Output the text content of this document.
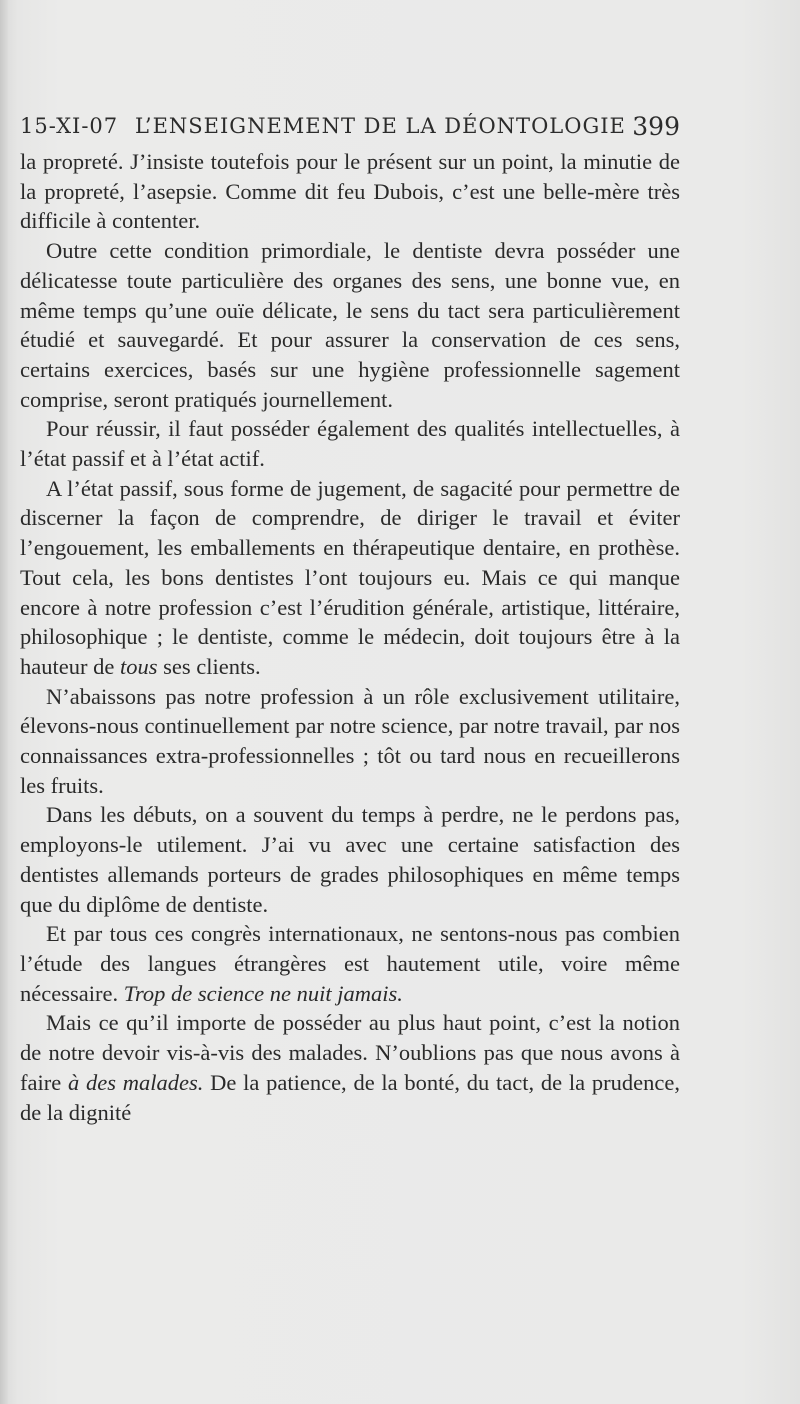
15-XI-07 L’ENSEIGNEMENT DE LA DÉONTOLOGIE 399

la propreté. J’insiste toutefois pour le présent sur un point, la minutie de la propreté, l’asepsie. Comme dit feu Dubois, c’est une belle-mère très difficile à contenter.

Outre cette condition primordiale, le dentiste devra posséder une délicatesse toute particulière des organes des sens, une bonne vue, en même temps qu’une ouïe délicate, le sens du tact sera particulièrement étudié et sauvegardé. Et pour assurer la conservation de ces sens, certains exercices, basés sur une hygiène professionnelle sagement comprise, seront pratiqués journellement.

Pour réussir, il faut posséder également des qualités intellectuelles, à l’état passif et à l’état actif.

A l’état passif, sous forme de jugement, de sagacité pour permettre de discerner la façon de comprendre, de diriger le travail et éviter l’engouement, les emballements en thérapeutique dentaire, en prothèse. Tout cela, les bons dentistes l’ont toujours eu. Mais ce qui manque encore à notre profession c’est l’érudition générale, artistique, littéraire, philosophique ; le dentiste, comme le médecin, doit toujours être à la hauteur de tous ses clients.

N’abaissons pas notre profession à un rôle exclusivement utilitaire, élevons-nous continuellement par notre science, par notre travail, par nos connaissances extra-professionnelles ; tôt ou tard nous en recueillerons les fruits.

Dans les débuts, on a souvent du temps à perdre, ne le perdons pas, employons-le utilement. J’ai vu avec une certaine satisfaction des dentistes allemands porteurs de grades philosophiques en même temps que du diplôme de dentiste.

Et par tous ces congrès internationaux, ne sentons-nous pas combien l’étude des langues étrangères est hautement utile, voire même nécessaire. Trop de science ne nuit jamais.

Mais ce qu’il importe de posséder au plus haut point, c’est la notion de notre devoir vis-à-vis des malades. N’oublions pas que nous avons à faire à des malades. De la patience, de la bonté, du tact, de la prudence, de la dignité
